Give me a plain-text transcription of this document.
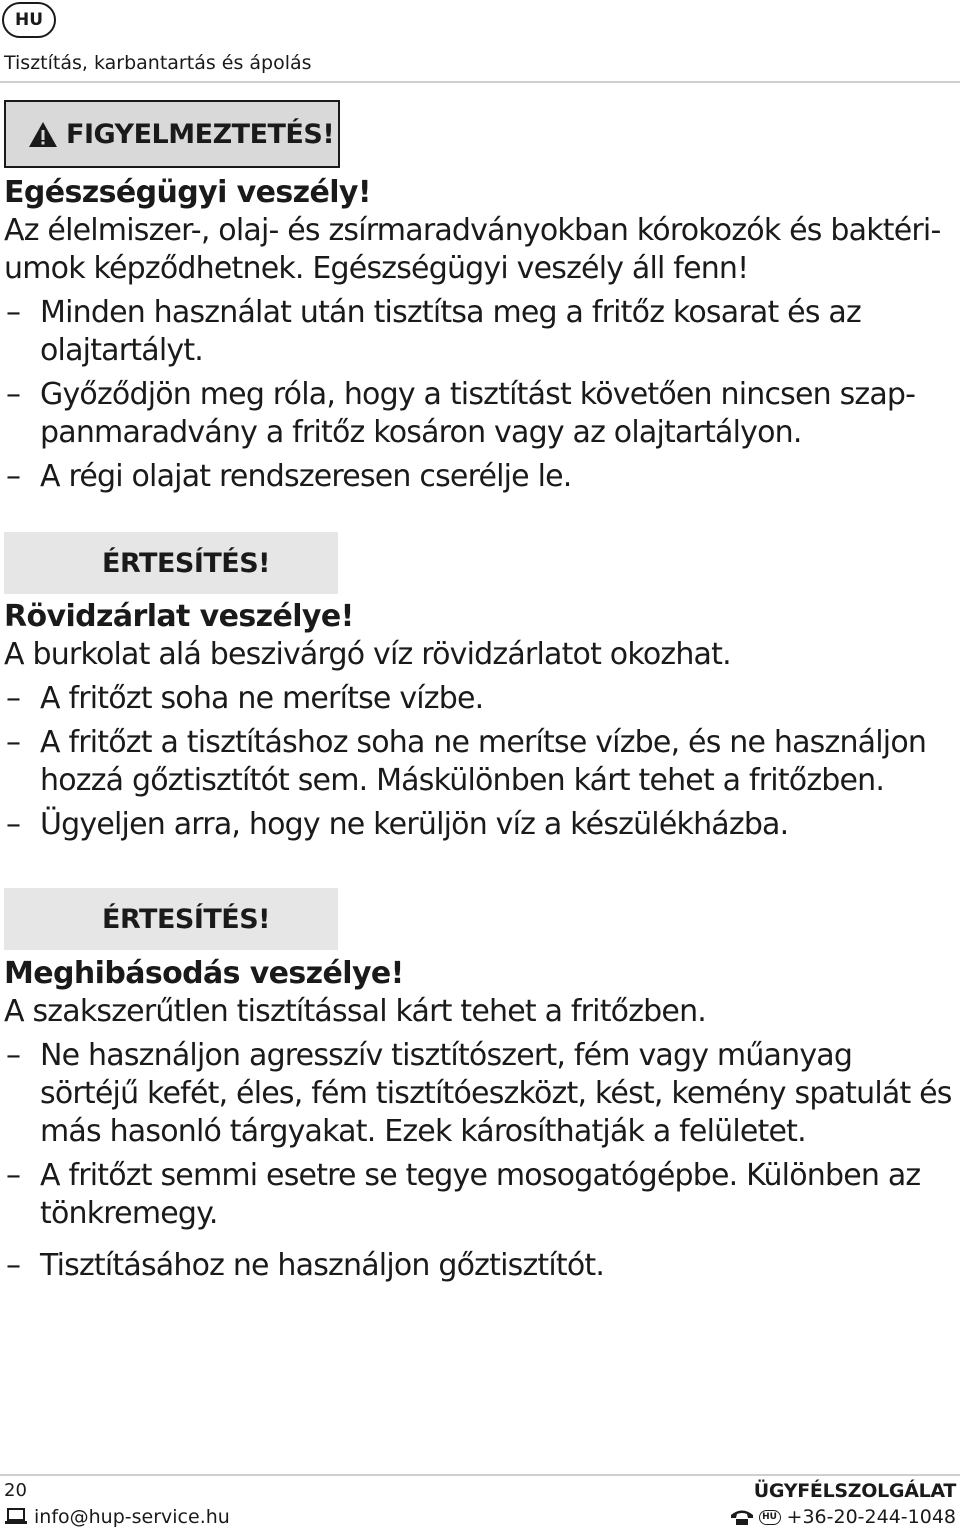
HU
Tisztítás, karbantartás és ápolás
FIGYELMEZTETÉS!
Egészségügyi veszély!
Az élelmiszer-, olaj- és zsírmaradványokban kórokozók és baktéri-
umok képződhetnek. Egészségügyi veszély áll fenn!
– Minden használat után tisztítsa meg a fritőz kosarat és az
olajtartályt.
– Győződjön meg róla, hogy a tisztítást követően nincsen szap-
panmaradvány a fritőz kosáron vagy az olajtartályon.
– A régi olajat rendszeresen cserélje le.
ÉRTESÍTÉS!
Rövidzárlat veszélye!
A burkolat alá beszivárgó víz rövidzárlatot okozhat.
– A fritőzt soha ne merítse vízbe.
– A fritőzt a tisztításhoz soha ne merítse vízbe, és ne használjon
hozzá gőztisztítót sem. Máskülönben kárt tehet a fritőzben.
– Ügyeljen arra, hogy ne kerüljön víz a készülékházba.
ÉRTESÍTÉS!
Meghibásodás veszélye!
A szakszerűtlen tisztítással kárt tehet a fritőzben.
– Ne használjon agresszív tisztítószert, fém vagy műanyag
sörtéjű kefét, éles, fém tisztítóeszközt, kést, kemény spatulát és
más hasonló tárgyakat. Ezek károsíthatják a felületet.
– A fritőzt semmi esetre se tegye mosogatógépbe. Különben az
tönkremegy.
– Tisztításához ne használjon gőztisztítót.
20	ÜGYFÉLSZOLGÁLAT
info@hup-service.hu	HU +36-20-244-1048
